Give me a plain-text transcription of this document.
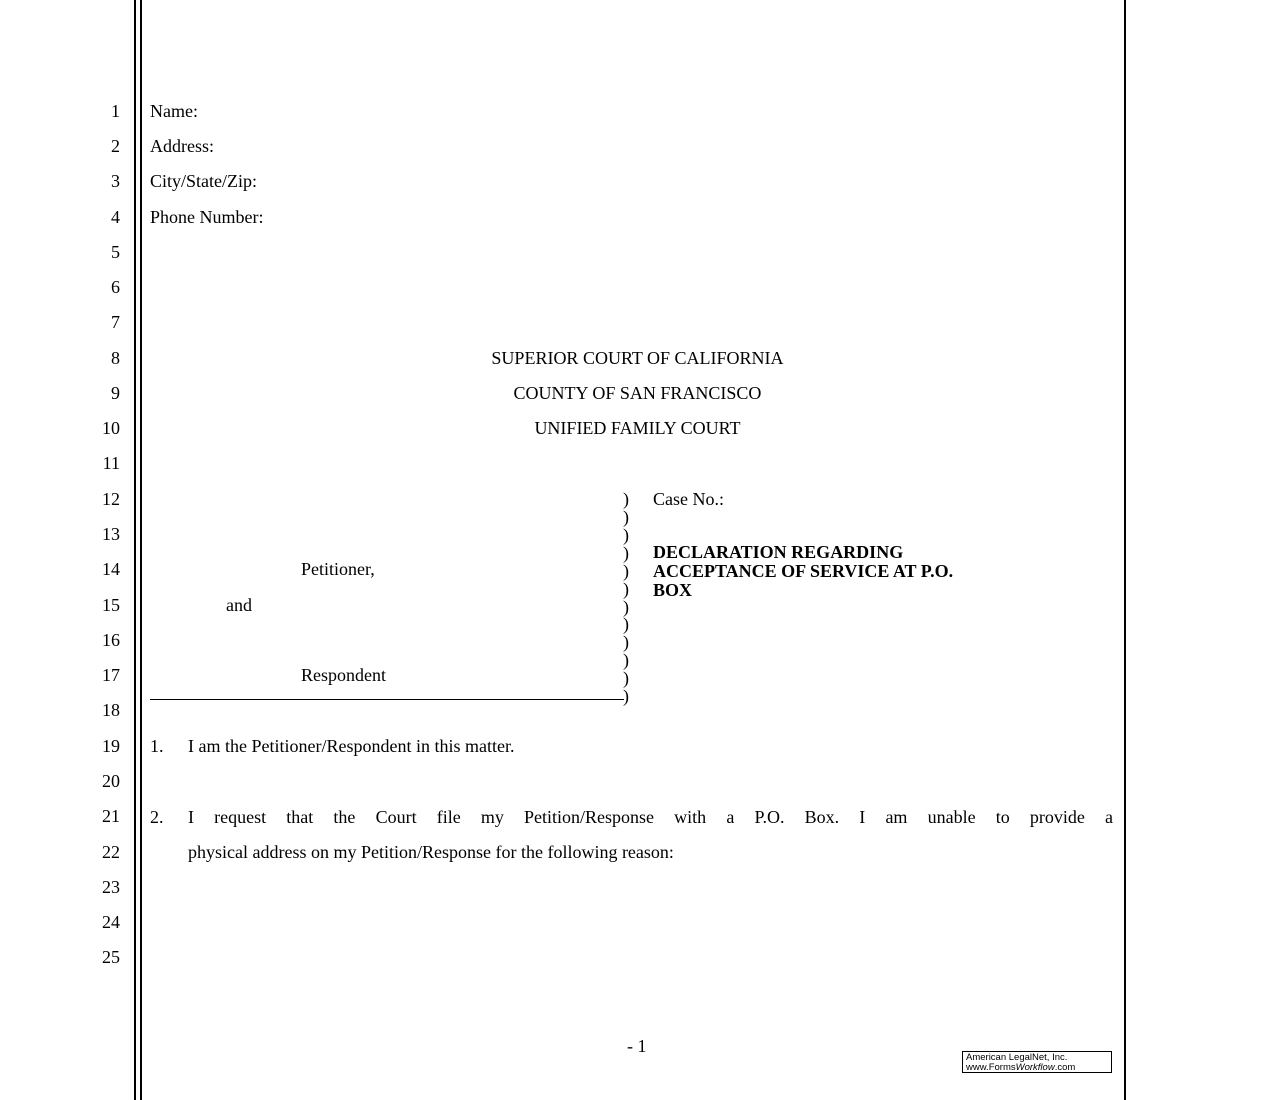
1
2
3
4
5
6
7
8
9
10
11
12
13
14
15
16
17
18
19
20
21
22
23
24
25
Name:
Address:
City/State/Zip:
Phone Number:
SUPERIOR COURT OF CALIFORNIA
COUNTY OF SAN FRANCISCO
UNIFIED FAMILY COURT
Petitioner,
and
Respondent
)
)
)
)
)
)
)
)
)
)
)
)
Case No.:
DECLARATION REGARDING
ACCEPTANCE OF SERVICE AT P.O.
BOX
1. I am the Petitioner/Respondent in this matter.
2. I request that the Court file my Petition/Response with a P.O. Box. I am unable to provide a
physical address on my Petition/Response for the following reason:
- 1
American LegalNet, Inc.
www.FormsWorkflow.com
